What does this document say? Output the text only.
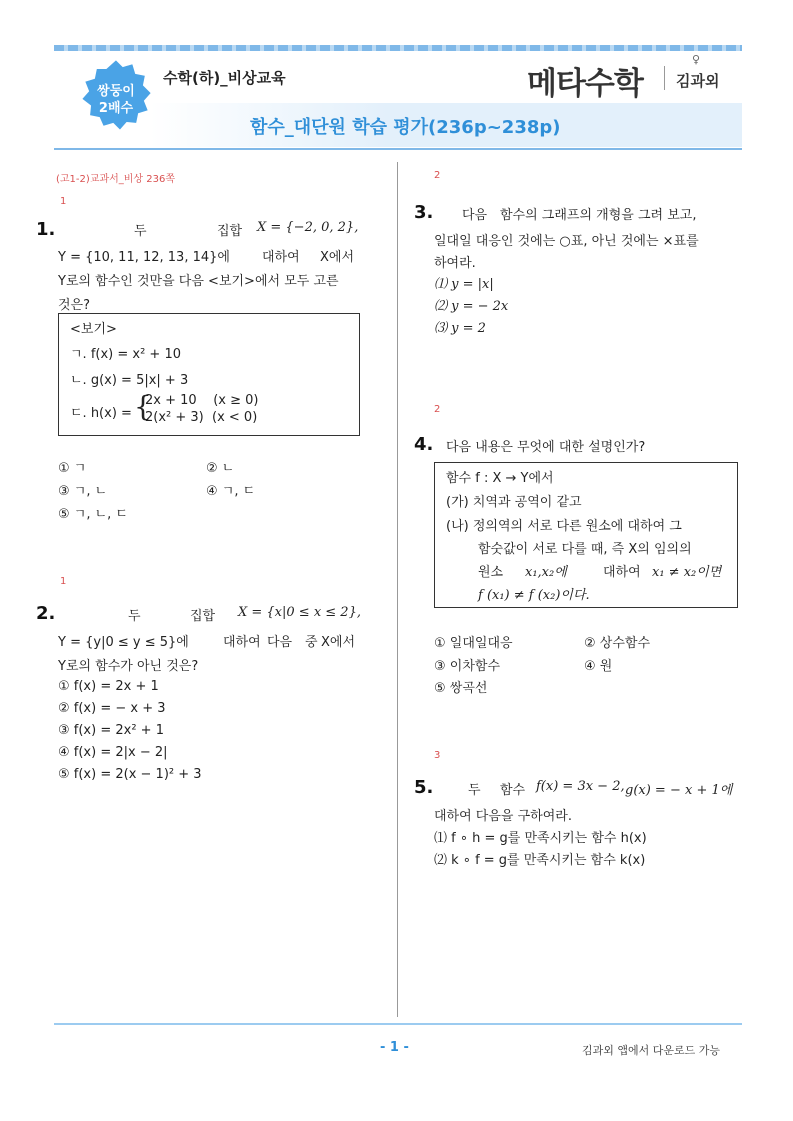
쌍둥이
2배수
수학(하)_비상교육	메타수학
♀
김과외
함수_대단원 학습 평가(236p~238p)
(고1-2)교과서_비상 236쪽
1
1.	두	집합 X = {−2, 0, 2},
Y = {10, 11, 12, 13, 14}에 대하여 X에서
Y로의 함수인 것만을 다음 <보기>에서 모두 고른
것은?
<보기>
ㄱ. f(x) = x² + 10
ㄴ. g(x) = 5|x| + 3
ㄷ. h(x) = {
2x + 10    (x ≥ 0)
2(x² + 3)  (x < 0)
① ㄱ	② ㄴ
③ ㄱ, ㄴ	④ ㄱ, ㄷ
⑤ ㄱ, ㄴ, ㄷ
1
2.	두	집합 X = {x|0 ≤ x ≤ 2},
Y = {y|0 ≤ y ≤ 5}에	대하여 다음 중 X에서
Y로의 함수가 아닌 것은?
① f(x) = 2x + 1
② f(x) = − x + 3
③ f(x) = 2x² + 1
④ f(x) = 2|x − 2|
⑤ f(x) = 2(x − 1)² + 3
2
3. 다음 함수의 그래프의 개형을 그려 보고,
일대일 대응인 것에는 ○표, 아닌 것에는 ×표를
하여라.
⑴ y = |x|
⑵ y = − 2x
⑶ y = 2
2
4. 다음 내용은 무엇에 대한 설명인가?
함수 f : X → Y에서
(가) 치역과 공역이 같고
(나) 정의역의 서로 다른 원소에 대하여 그
함숫값이 서로 다를 때, 즉 X의 임의의
원소 x₁,x₂에	대하여 x₁ ≠ x₂이면
f (x₁) ≠ f (x₂)이다.
① 일대일대응	② 상수함수
③ 이차함수	④ 원
⑤ 쌍곡선
3
5.	두 함수 f(x) = 3x − 2, g(x) = − x + 1에
대하여 다음을 구하여라.
⑴ f ∘ h = g를 만족시키는 함수 h(x)
⑵ k ∘ f = g를 만족시키는 함수 k(x)
- 1 -	김과외 앱에서 다운로드 가능
